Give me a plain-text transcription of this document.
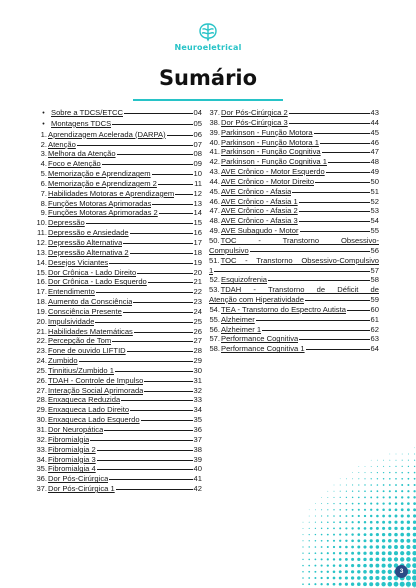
Neuroeletrical
Sumário
• Sobre a TDCS/ETCC	04
• Montagens TDCS	05
1. Aprendizagem Acelerada (DARPA)	06
2. Atenção	07
3. Melhora da Atenção	08
4. Foco e Atenção	09
5. Memorização e Aprendizagem	10
6. Memorização e Aprendizagem 2	11
7. Habilidades Motoras e Aprendizagem	12
8. Funções Motoras Aprimoradas	13
9. Funções Motoras Aprimoradas 2	14
10. Depressão	15
11. Depressão e Ansiedade	16
12. Depressão Alternativa	17
13. Depressão Alternativa 2	18
14. Desejos Viciantes	19
15. Dor Crônica - Lado Direito	20
16. Dor Crônica - Lado Esquerdo	21
17. Entendimento	22
18. Aumento da Consciência	23
19. Consciência Presente	24
20. Impulsividade	25
21. Habilidades Matemáticas	26
22. Percepção de Tom	27
23. Fone de ouvido LIFTID	28
24. Zumbido	29
25. Tinnitius/Zumbido 1	30
26. TDAH - Controle de Impulso	31
27. Interação Social Aprimorada	32
28. Enxaqueca Reduzida	33
29. Enxaqueca Lado Direito	34
30. Enxaqueca Lado Esquerdo	35
31. Dor Neuropática	36
32. Fibromialgia	37
33. Fibromialgia 2	38
34. Fibromialgia 3	39
35. Fibromialgia 4	40
36. Dor Pós-Cirúrgica	41
37. Dor Pós-Cirúrgica 1	42
37. Dor Pós-Cirúrgica 2	43
38. Dor Pós-Cirúrgica 3	44
39. Parkinson - Função Motora	45
40. Parkinson - Função Motora 1	46
41. Parkinson - Função Cognitiva	47
42. Parkinson - Função Cognitiva 1	48
43. AVE Crônico - Motor Esquerdo	49
44. AVE Crônico - Motor Direito	50
45. AVE Crônico - Afasia	51
46. AVE Crônico - Afasia 1	52
47. AVE Crônico - Afasia 2	53
48. AVE Crônico - Afasia 3	54
49. AVE Subagudo - Motor	55
50.TOC - Transtorno Obsessivo-
Compulsivo	56
51.TOC - Transtorno Obsessivo-Compulsivo
1	57
52. Esquizofrenia	58
53.TDAH - Transtorno de Déficit de
Atenção com Hiperatividade	59
54. TEA - Transtorno do Espectro Autista	60
55. Alzheimer	61
56. Alzheimer 1	62
57. Performance Cognitiva	63
58. Performance Cognitiva 1	64
3
